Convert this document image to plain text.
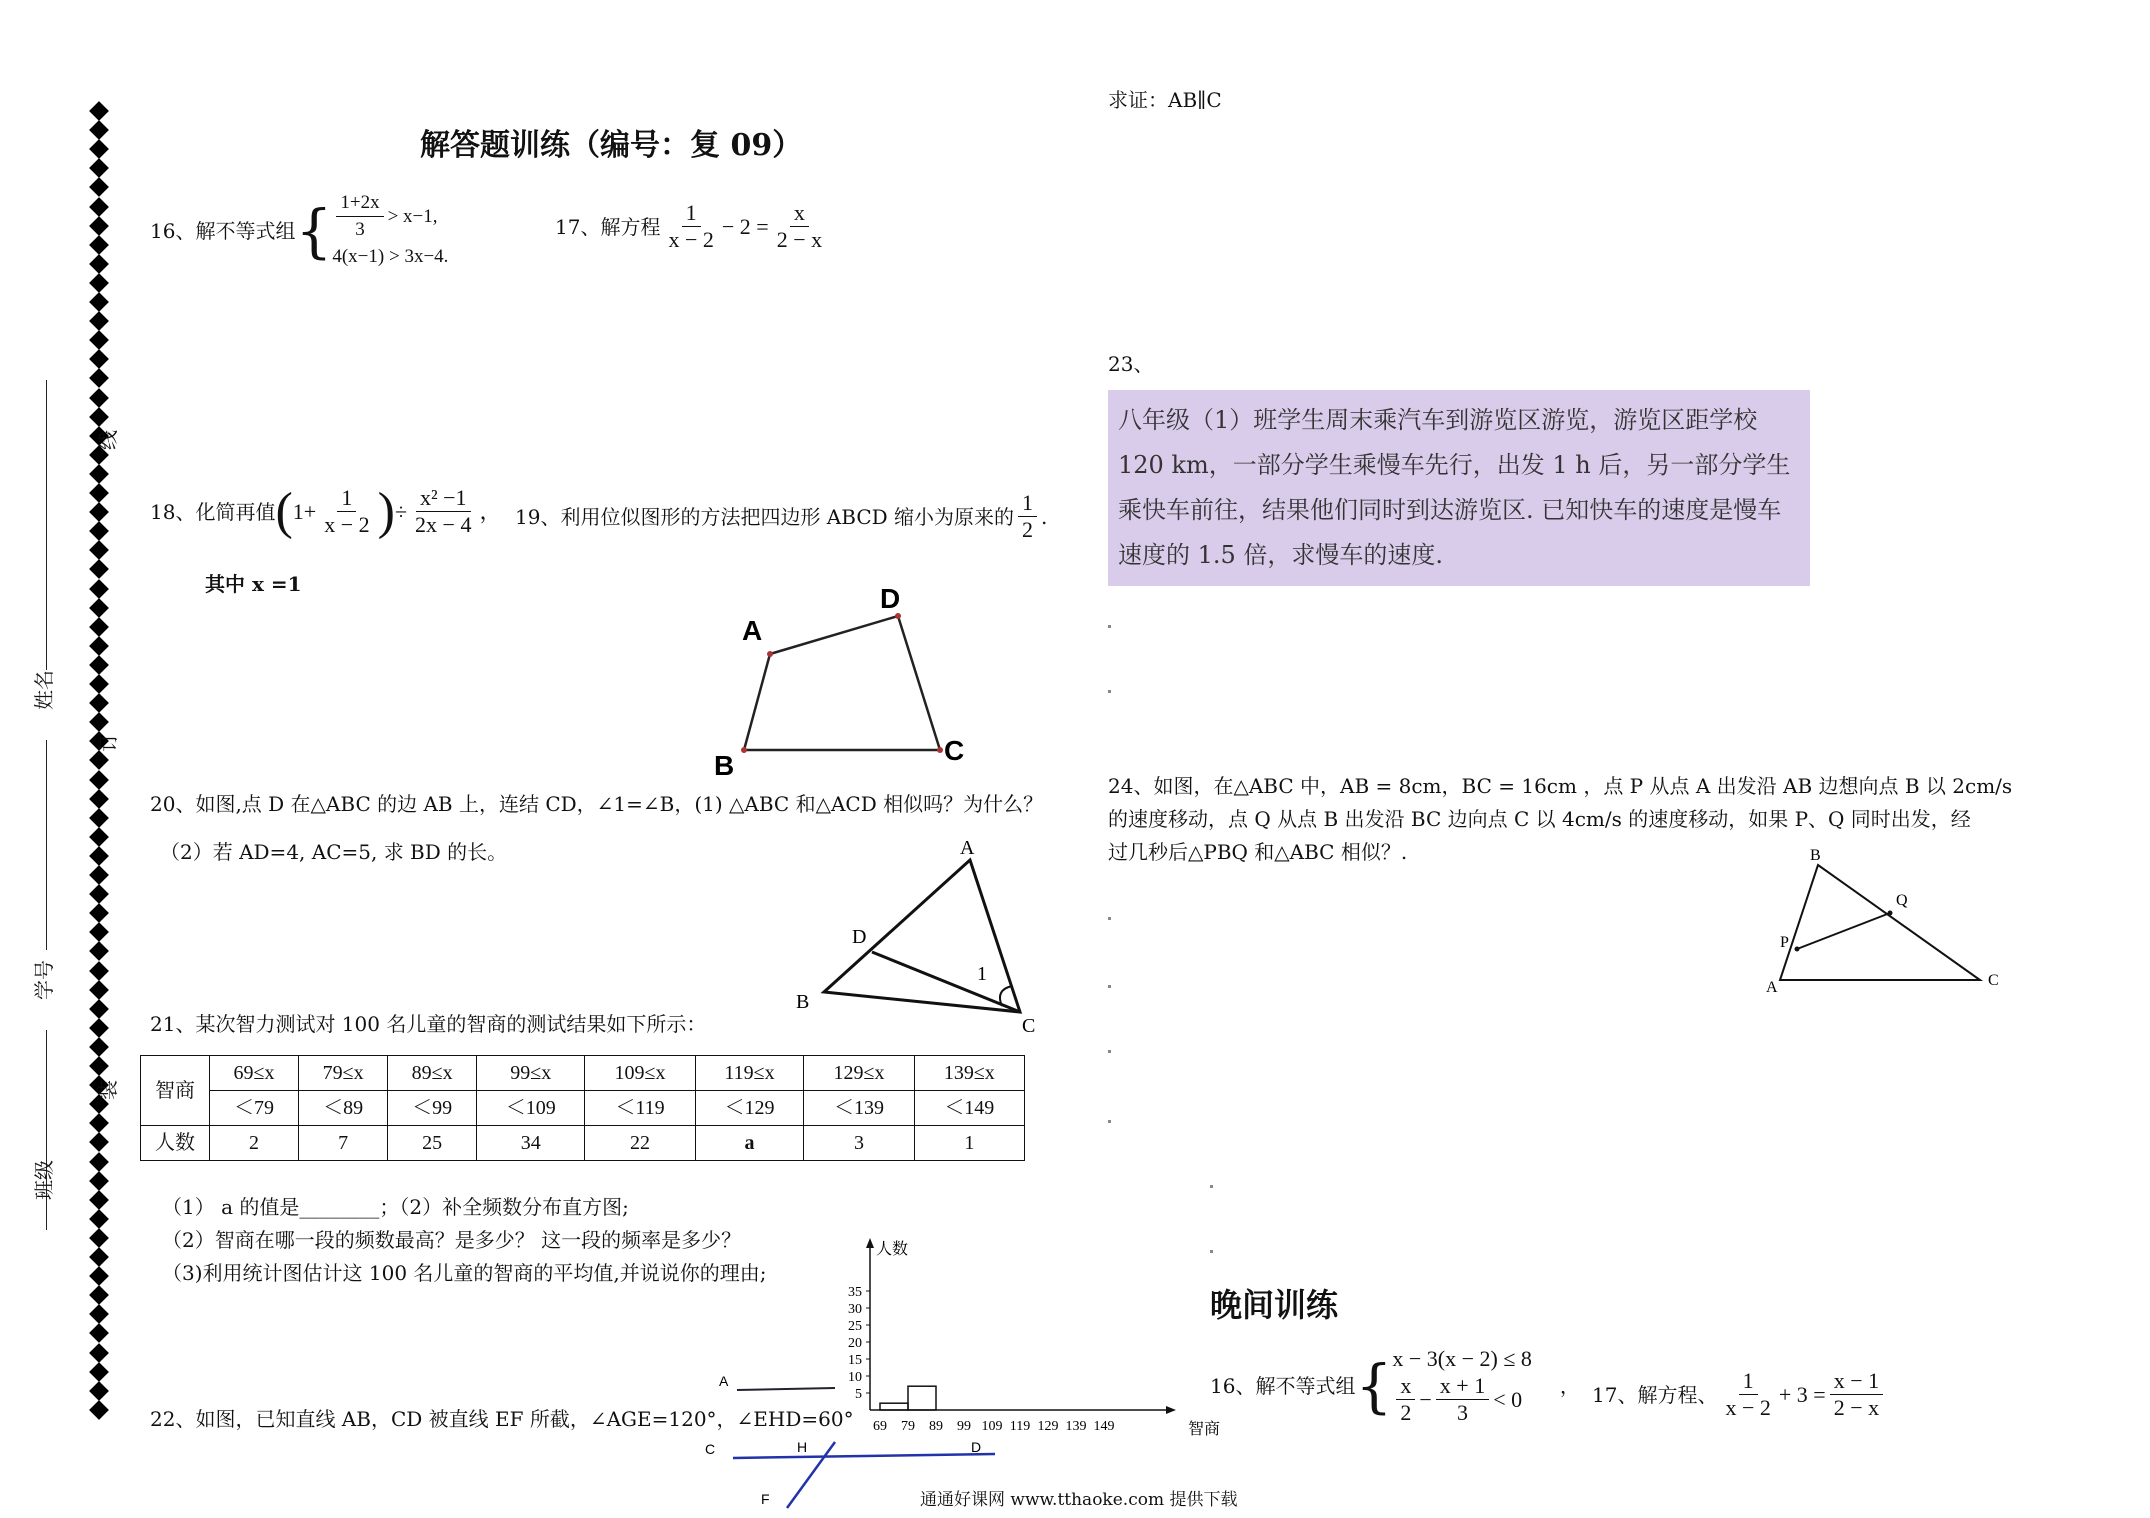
姓名
学号
班级
线
订
装
解答题训练（编号：复 09）
16、解不等式组 { $\frac{1+2x}{3} > x-1$,
4(x−1) > 3x−4.
17、解方程 $\frac{1}{x - 2} - 2 = \frac{x}{2 - x}$
18、化简再值 ( $1+ \frac{1}{x - 2}$ ) ÷ $\frac{\text{x² −1}}{2x - 4}$ ，
其中 x =1
19、利用位似图形的方法把四边形 ABCD 缩小为原来的 $\frac{1}{2}$ .
A
D
B	C
20、如图,点 D 在△ABC 的边 AB 上，连结 CD，∠1=∠B，(1) △ABC 和△ACD 相似吗？为什么？
（2）若 AD=4, AC=5, 求 BD 的长。	A
D
B
C
1
21、某次智力测试对 100 名儿童的智商的测试结果如下所示：
智商	69≤x	79≤x	89≤x	99≤x	109≤x	119≤x	129≤x	139≤x
	＜79	＜89	＜99	＜109	＜119	＜129	＜139	＜149
人数	2	7	25	34	22	a	3	1
（1） a 的值是________；（2）补全频数分布直方图;
（2）智商在哪一段的频数最高？是多少？ 这一段的频率是多少？
（3)利用统计图估计这 100 名儿童的智商的平均值,并说说你的理由;
5
10
15
20
25
30
35
69 79 89 99 109 119 129 139 149
人数
智商
22、如图，已知直线 AB，CD 被直线 EF 所截，∠AGE=120°，∠EHD=60°
A
C	H	D
F
求证：AB∥C
23、
八年级（1）班学生周末乘汽车到游览区游览，游览区距学校 120 km，一部分学生乘慢车先行，出发 1 h 后，另一部分学生乘快车前往，结果他们同时到达游览区. 已知快车的速度是慢车速度的 1.5 倍，求慢车的速度.
24、如图，在△ABC 中，AB = 8cm，BC = 16cm ，点 P 从点 A 出发沿 AB 边想向点 B 以 2cm/s
的速度移动，点 Q 从点 B 出发沿 BC 边向点 C 以 4cm/s 的速度移动，如果 P、Q 同时出发，经
过几秒后△PBQ 和△ABC 相似？.	B
Q
P
A	C
晚间训练
16、解不等式组 { x − 3(x − 2) ≤ 8
$\frac{x}{2} - \frac{x + 1}{3} < 0$
， 17、解方程、 $\frac{1}{x - 2} + 3 = \frac{x - 1}{2 - x}$
通通好课网 www.tthaoke.com 提供下载
